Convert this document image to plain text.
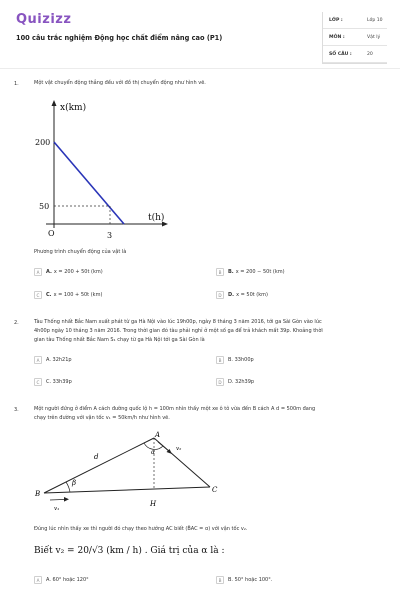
Quizizz
100 câu trắc nghiệm Động học chất điểm nâng cao (P1)
LỚP :	Lớp 10
MÔN :	Vật lý
SỐ CÂU :	20
1.	Một vật chuyển động thẳng đều với đồ thị chuyển động như hình vẽ.
x(km)
t(h)
O
200
50
3
Phương trình chuyển động của vật là
A	A. x = 200 + 50t (km)	B	B. x = 200 − 50t (km)
C	C. x = 100 + 50t (km)	D	D. x = 50t (km)
2.	Tàu Thống nhất Bắc Nam xuất phát từ ga Hà Nội vào lúc 19h00p, ngày 8 tháng 3 năm 2016, tới ga Sài Gòn vào lúc
4h00p ngày 10 tháng 3 năm 2016. Trong thời gian đó tàu phải nghỉ ở một số ga để trả khách mất 39p. Khoảng thời
gian tàu Thống nhất Bắc Nam S₁ chạy từ ga Hà Nội tới ga Sài Gòn là
A	A. 32h21p	B	B. 33h00p
C	C. 33h39p	D	D. 32h39p
3.	Một người đứng ở điểm A cách đường quốc lộ h = 100m nhìn thấy một xe ô tô vừa đến B cách A d = 500m đang
chạy trên đường với vận tốc v₁ = 50km/h như hình vẽ.
A
B	C
H
d
β
α
v₁
v₂
Đúng lúc nhìn thấy xe thì người đó chạy theo hướng AC biết (B̂AC = α) với vận tốc v₂.
Biết v₂ = 20/√3 (km / h) . Giá trị của α là :
A	A. 60° hoặc 120°	B	B. 50° hoặc 100°.
